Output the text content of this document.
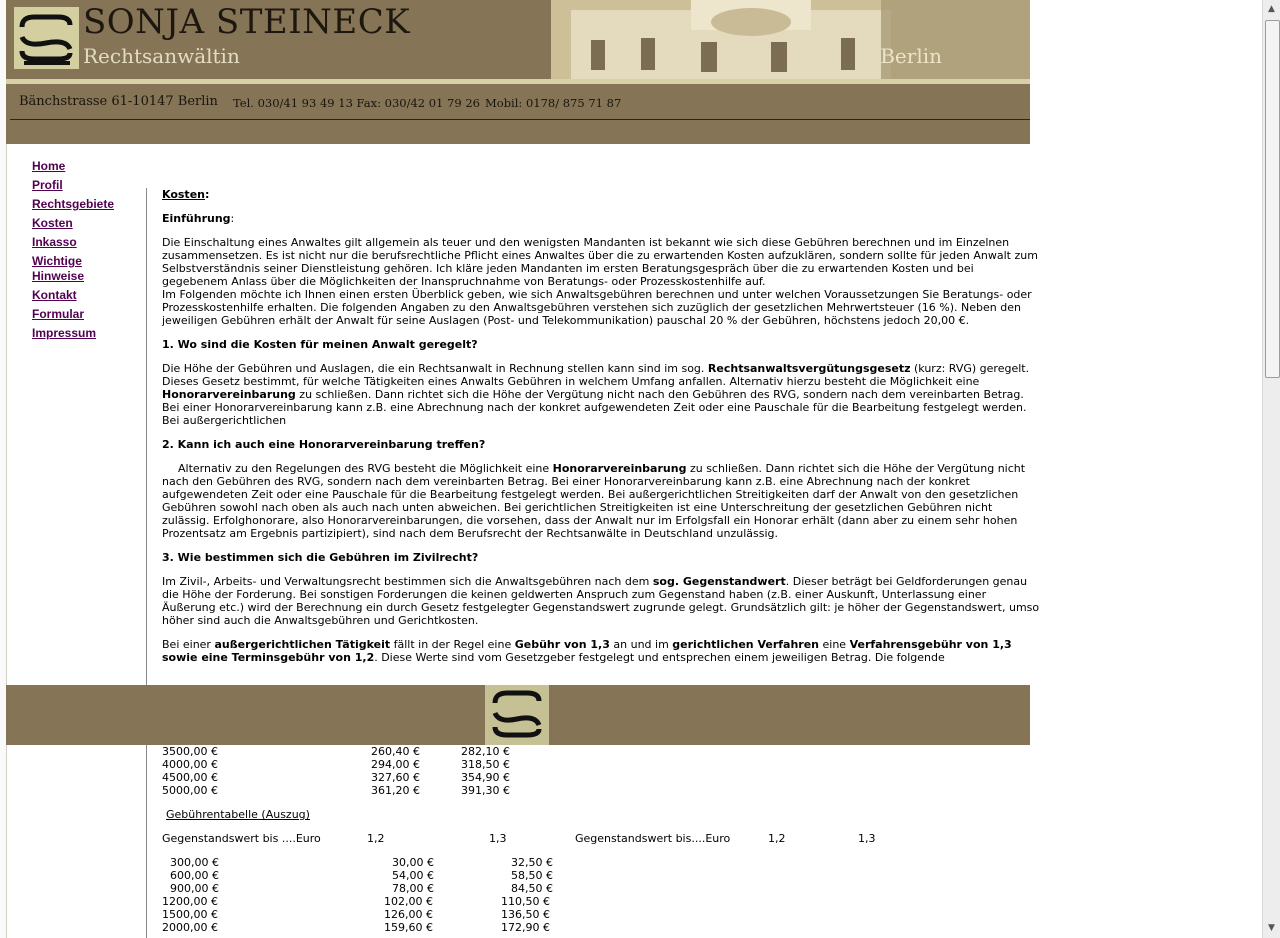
SONJA STEINECK
Rechtsanwältin	Berlin
Bänchstrasse 61-10147 Berlin Tel. 030/41 93 49 13 Fax: 030/42 01 79 26 Mobil: 0178/ 875 71 87
Home
Profil
Rechtsgebiete
Kosten
Inkasso
Wichtige
Hinweise
Kontakt
Formular
Impressum
Kosten:

Einführung:

Die Einschaltung eines Anwaltes gilt allgemein als teuer und den wenigsten Mandanten ist bekannt wie sich diese Gebühren berechnen und im Einzelnen zusammensetzen. Es ist nicht nur die berufsrechtliche Pflicht eines Anwaltes über die zu erwartenden Kosten aufzuklären, sondern sollte für jeden Anwalt zum Selbstverständnis seiner Dienstleistung gehören. Ich kläre jeden Mandanten im ersten Beratungsgespräch über die zu erwartenden Kosten und bei gegebenem Anlass über die Möglichkeiten der Inanspruchnahme von Beratungs- oder Prozesskostenhilfe auf.
Im Folgenden möchte ich Ihnen einen ersten Überblick geben, wie sich Anwaltsgebühren berechnen und unter welchen Voraussetzungen Sie Beratungs- oder Prozesskostenhilfe erhalten. Die folgenden Angaben zu den Anwaltsgebühren verstehen sich zuzüglich der gesetzlichen Mehrwertsteuer (16 %). Neben den jeweiligen Gebühren erhält der Anwalt für seine Auslagen (Post- und Telekommunikation) pauschal 20 % der Gebühren, höchstens jedoch 20,00 €.

1. Wo sind die Kosten für meinen Anwalt geregelt?

Die Höhe der Gebühren und Auslagen, die ein Rechtsanwalt in Rechnung stellen kann sind im sog. Rechtsanwaltsvergütungsgesetz (kurz: RVG) geregelt. Dieses Gesetz bestimmt, für welche Tätigkeiten eines Anwalts Gebühren in welchem Umfang anfallen. Alternativ hierzu besteht die Möglichkeit eine Honorarvereinbarung zu schließen. Dann richtet sich die Höhe der Vergütung nicht nach den Gebühren des RVG, sondern nach dem vereinbarten Betrag. Bei einer Honorarvereinbarung kann z.B. eine Abrechnung nach der konkret aufgewendeten Zeit oder eine Pauschale für die Bearbeitung festgelegt werden. Bei außergerichtlichen

2. Kann ich auch eine Honorarvereinbarung treffen?

Alternativ zu den Regelungen des RVG besteht die Möglichkeit eine Honorarvereinbarung zu schließen. Dann richtet sich die Höhe der Vergütung nicht nach den Gebühren des RVG, sondern nach dem vereinbarten Betrag. Bei einer Honorarvereinbarung kann z.B. eine Abrechnung nach der konkret aufgewendeten Zeit oder eine Pauschale für die Bearbeitung festgelegt werden. Bei außergerichtlichen Streitigkeiten darf der Anwalt von den gesetzlichen Gebühren sowohl nach oben als auch nach unten abweichen. Bei gerichtlichen Streitigkeiten ist eine Unterschreitung der gesetzlichen Gebühren nicht zulässig. Erfolghonorare, also Honorarvereinbarungen, die vorsehen, dass der Anwalt nur im Erfolgsfall ein Honorar erhält (dann aber zu einem sehr hohen Prozentsatz am Ergebnis partizipiert), sind nach dem Berufsrecht der Rechtsanwälte in Deutschland unzulässig.

3. Wie bestimmen sich die Gebühren im Zivilrecht?

Im Zivil-, Arbeits- und Verwaltungsrecht bestimmen sich die Anwaltsgebühren nach dem sog. Gegenstandwert. Dieser beträgt bei Geldforderungen genau die Höhe der Forderung. Bei sonstigen Forderungen die keinen geldwerten Anspruch zum Gegenstand haben (z.B. einer Auskunft, Unterlassung einer Äußerung etc.) wird der Berechnung ein durch Gesetz festgelegter Gegenstandswert zugrunde gelegt. Grundsätzlich gilt: je höher der Gegenstandswert, umso höher sind auch die Anwaltsgebühren und Gerichtkosten.

Bei einer außergerichtlichen Tätigkeit fällt in der Regel eine Gebühr von 1,3 an und im gerichtlichen Verfahren eine Verfahrensgebühr von 1,3 sowie eine Terminsgebühr von 1,2. Diese Werte sind vom Gesetzgeber festgelegt und entsprechen einem jeweiligen Betrag. Die folgende

3500,00 €	260,40 €	282,10 €
4000,00 €	294,00 €	318,50 €
4500,00 €	327,60 €	354,90 €
5000,00 €	361,20 €	391,30 €
Gebührentabelle (Auszug)
Gegenstandswert bis ....Euro	1,2	1,3	Gegenstandswert bis....Euro	1,2	1,3
300,00 €	30,00 €	32,50 €
600,00 €	54,00 €	58,50 €
900,00 €	78,00 €	84,50 €
1200,00 €	102,00 €	110,50 €
1500,00 €	126,00 €	136,50 €
2000,00 €	159,60 €	172,90 €
▲
▼
